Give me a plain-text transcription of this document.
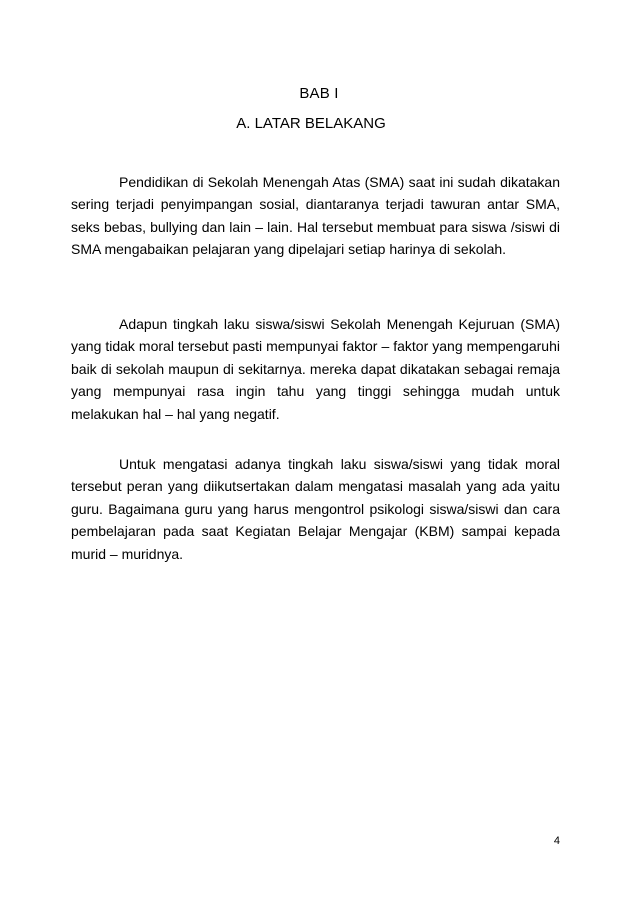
BAB I
A. LATAR BELAKANG

Pendidikan di Sekolah Menengah Atas (SMA) saat ini sudah dikatakan sering terjadi penyimpangan sosial, diantaranya terjadi tawuran antar SMA, seks bebas, bullying dan lain – lain. Hal tersebut membuat para siswa /siswi di SMA mengabaikan pelajaran yang dipelajari setiap harinya di sekolah.

Adapun tingkah laku siswa/siswi Sekolah Menengah Kejuruan (SMA) yang tidak moral tersebut pasti mempunyai faktor – faktor yang mempengaruhi baik di sekolah maupun di sekitarnya. mereka dapat dikatakan sebagai remaja yang mempunyai rasa ingin tahu yang tinggi sehingga mudah untuk melakukan hal – hal yang negatif.

Untuk mengatasi adanya tingkah laku siswa/siswi yang tidak moral tersebut peran yang diikutsertakan dalam mengatasi masalah yang ada yaitu guru. Bagaimana guru yang harus mengontrol psikologi siswa/siswi dan cara pembelajaran pada saat Kegiatan Belajar Mengajar (KBM) sampai kepada murid – muridnya.

4
